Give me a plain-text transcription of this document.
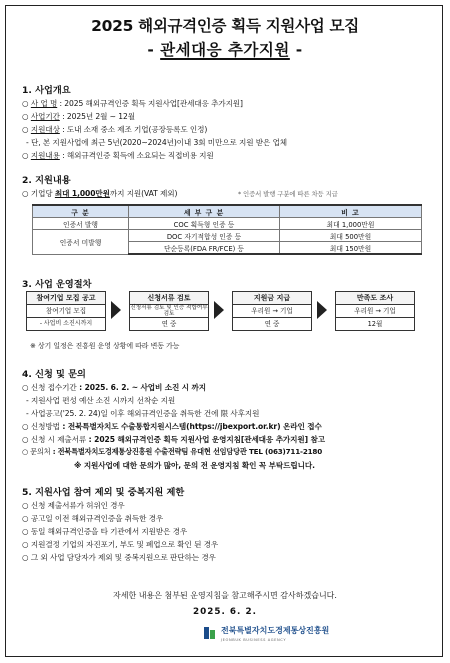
2025 해외규격인증 획득 지원사업 모집
- 관세대응 추가지원 -
1. 사업개요
○ 사 업 명 : 2025 해외규격인증 획득 지원사업[관세대응 추가지원]
○ 사업기간 : 2025년 2월 ~ 12월
○ 지원대상 : 도내 소재 중소 제조 기업(공장등록도 인정)
- 단, 본 지원사업에 최근 5년(2020~2024년)이내 3회 미만으로 지원 받은 업체
○ 지원내용 : 해외규격인증 획득에 소요되는 직접비용 지원
2. 지원내용
○ 기업당 최대 1,000만원까지 지원(VAT 제외)	* 인증서 발행 구분에 따른 차등 지급
구 분	세 부 구 분	비 고
인증서 발행	COC 획득형 인증 등	최대 1,000만원
인증서 미발행	DOC 자기적합성 인증 등	최대 500만원
	단순등록(FDA FR/FCE) 등	최대 150만원
3. 사업 운영절차
참여기업 모집 공고
참여기업 모집
- 사업비 소진시까지
신청서류 검토
신청서류 검토 및 인증 적합여부 검토
연 중
지원금 지급
우리원 → 기업
연 중
만족도 조사
우리원 → 기업
12월
※ 상기 일정은 진흥원 운영 상황에 따라 변동 가능
4. 신청 및 문의
○ 신청 접수기간 : 2025. 6. 2. ~ 사업비 소진 시 까지
- 지원사업 편성 예산 소진 시까지 선착순 지원
- 사업공고('25. 2. 24)일 이후 해외규격인증을 취득한 건에 限 사후지원
○ 신청방법 : 전북특별자치도 수출통합지원시스템(https://jbexport.or.kr) 온라인 접수
○ 신청 시 제출서류 : 2025 해외규격인증 획득 지원사업 운영지침[관세대응 추가지원] 참고
○ 문의처 : 전북특별자치도경제통상진흥원 수출전략팀 유대현 선임담당관 TEL (063)711-2180
※ 지원사업에 대한 문의가 많아, 문의 전 운영지침 확인 꼭 부탁드립니다.
5. 지원사업 참여 제외 및 중복지원 제한
○ 신청 제출서류가 허위인 경우
○ 공고일 이전 해외규격인증을 취득한 경우
○ 동일 해외규격인증을 타 기관에서 지원받은 경우
○ 지원결정 기업의 자진포기, 부도 및 폐업으로 확인 된 경우
○ 그 외 사업 담당자가 제외 및 중복지원으로 판단하는 경우
자세한 내용은 첨부된 운영지침을 참고해주시면 감사하겠습니다.
2025. 6. 2.
전북특별자치도경제통상진흥원
JEONBUK BUSINESS AGENCY
